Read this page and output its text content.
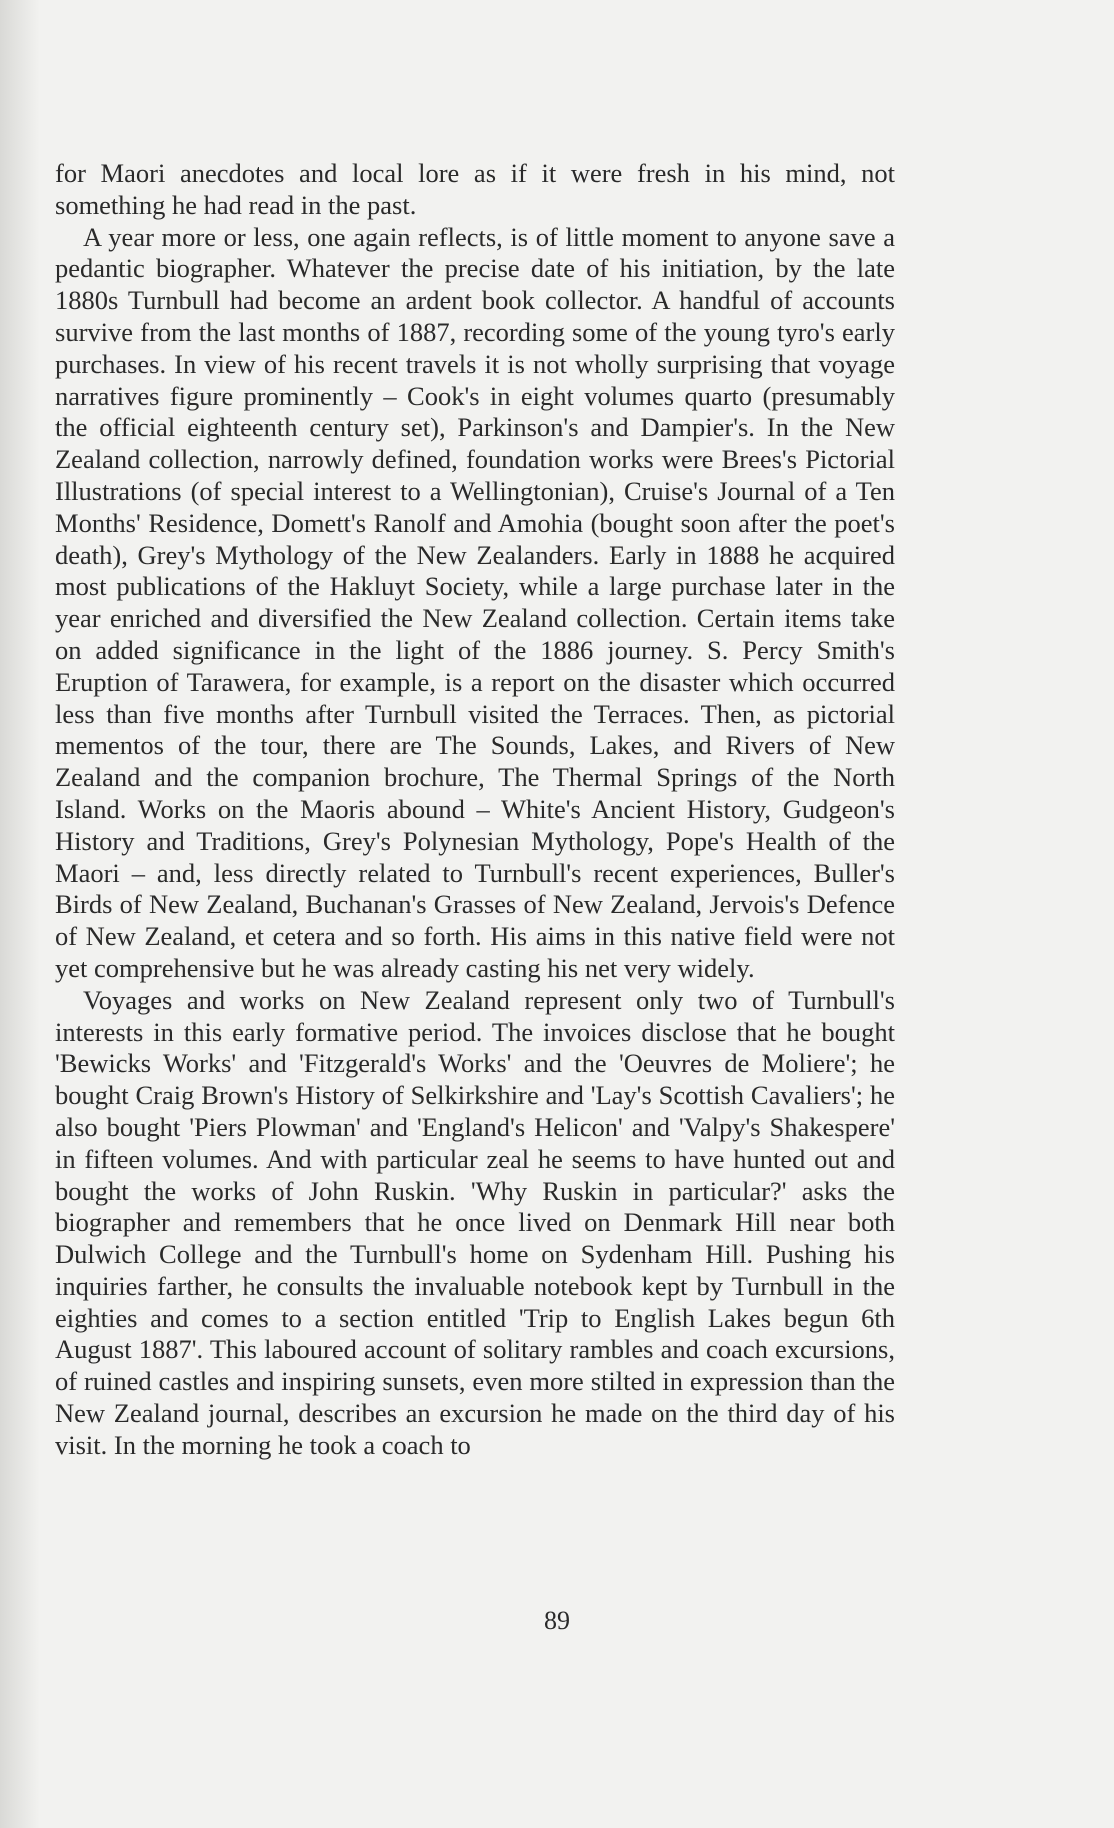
for Maori anecdotes and local lore as if it were fresh in his mind, not something he had read in the past.

A year more or less, one again reflects, is of little moment to anyone save a pedantic biographer. Whatever the precise date of his initiation, by the late 1880s Turnbull had become an ardent book collector. A handful of accounts survive from the last months of 1887, recording some of the young tyro's early purchases. In view of his recent travels it is not wholly surprising that voyage narratives figure prominently – Cook's in eight volumes quarto (presumably the official eighteenth century set), Parkinson's and Dampier's. In the New Zealand collection, narrowly defined, foundation works were Brees's Pictorial Illustrations (of special interest to a Wellingtonian), Cruise's Journal of a Ten Months' Residence, Domett's Ranolf and Amohia (bought soon after the poet's death), Grey's Mythology of the New Zealanders. Early in 1888 he acquired most publications of the Hakluyt Society, while a large purchase later in the year enriched and diversified the New Zealand collection. Certain items take on added significance in the light of the 1886 journey. S. Percy Smith's Eruption of Tarawera, for example, is a report on the disaster which occurred less than five months after Turnbull visited the Terraces. Then, as pictorial mementos of the tour, there are The Sounds, Lakes, and Rivers of New Zealand and the companion brochure, The Thermal Springs of the North Island. Works on the Maoris abound – White's Ancient History, Gudgeon's History and Traditions, Grey's Polynesian Mythology, Pope's Health of the Maori – and, less directly related to Turnbull's recent experiences, Buller's Birds of New Zealand, Buchanan's Grasses of New Zealand, Jervois's Defence of New Zealand, et cetera and so forth. His aims in this native field were not yet comprehensive but he was already casting his net very widely.

Voyages and works on New Zealand represent only two of Turnbull's interests in this early formative period. The invoices disclose that he bought 'Bewicks Works' and 'Fitzgerald's Works' and the 'Oeuvres de Moliere'; he bought Craig Brown's History of Selkirkshire and 'Lay's Scottish Cavaliers'; he also bought 'Piers Plowman' and 'England's Helicon' and 'Valpy's Shakespere' in fifteen volumes. And with particular zeal he seems to have hunted out and bought the works of John Ruskin. 'Why Ruskin in particular?' asks the biographer and remembers that he once lived on Denmark Hill near both Dulwich College and the Turnbull's home on Sydenham Hill. Pushing his inquiries farther, he consults the invaluable notebook kept by Turnbull in the eighties and comes to a section entitled 'Trip to English Lakes begun 6th August 1887'. This laboured account of solitary rambles and coach excursions, of ruined castles and inspiring sunsets, even more stilted in expression than the New Zealand journal, describes an excursion he made on the third day of his visit. In the morning he took a coach to

89
